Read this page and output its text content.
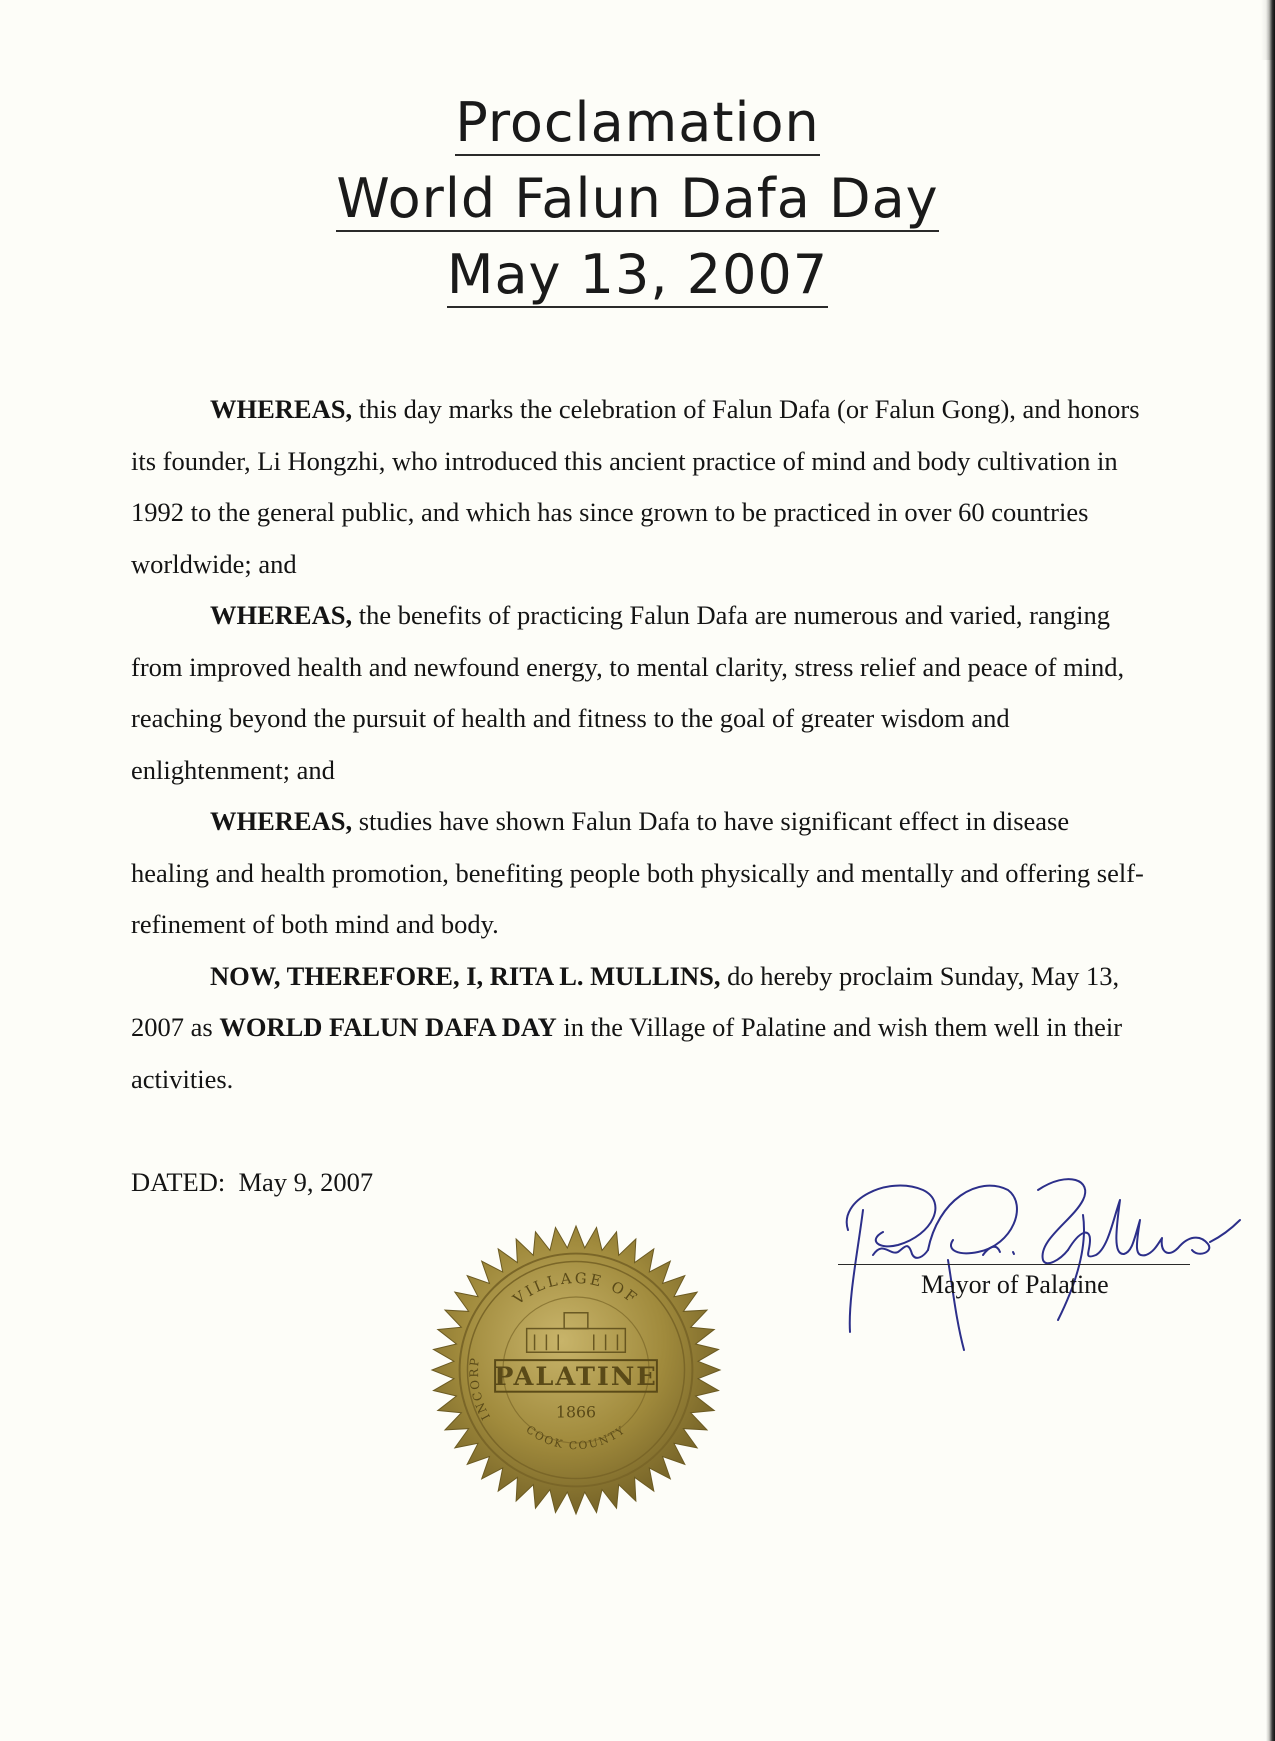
Proclamation
World Falun Dafa Day
May 13, 2007

WHEREAS, this day marks the celebration of Falun Dafa (or Falun Gong), and honors its founder, Li Hongzhi, who introduced this ancient practice of mind and body cultivation in 1992 to the general public, and which has since grown to be practiced in over 60 countries worldwide; and

WHEREAS, the benefits of practicing Falun Dafa are numerous and varied, ranging from improved health and newfound energy, to mental clarity, stress relief and peace of mind, reaching beyond the pursuit of health and fitness to the goal of greater wisdom and enlightenment; and

WHEREAS, studies have shown Falun Dafa to have significant effect in disease healing and health promotion, benefiting people both physically and mentally and offering self-refinement of both mind and body.

NOW, THEREFORE, I, RITA L. MULLINS, do hereby proclaim Sunday, May 13, 2007 as WORLD FALUN DAFA DAY in the Village of Palatine and wish them well in their activities.

DATED:  May 9, 2007
VILLAGE OF
COOK COUNTY
INCORP
PALATINE
1866
Mayor of Palatine
